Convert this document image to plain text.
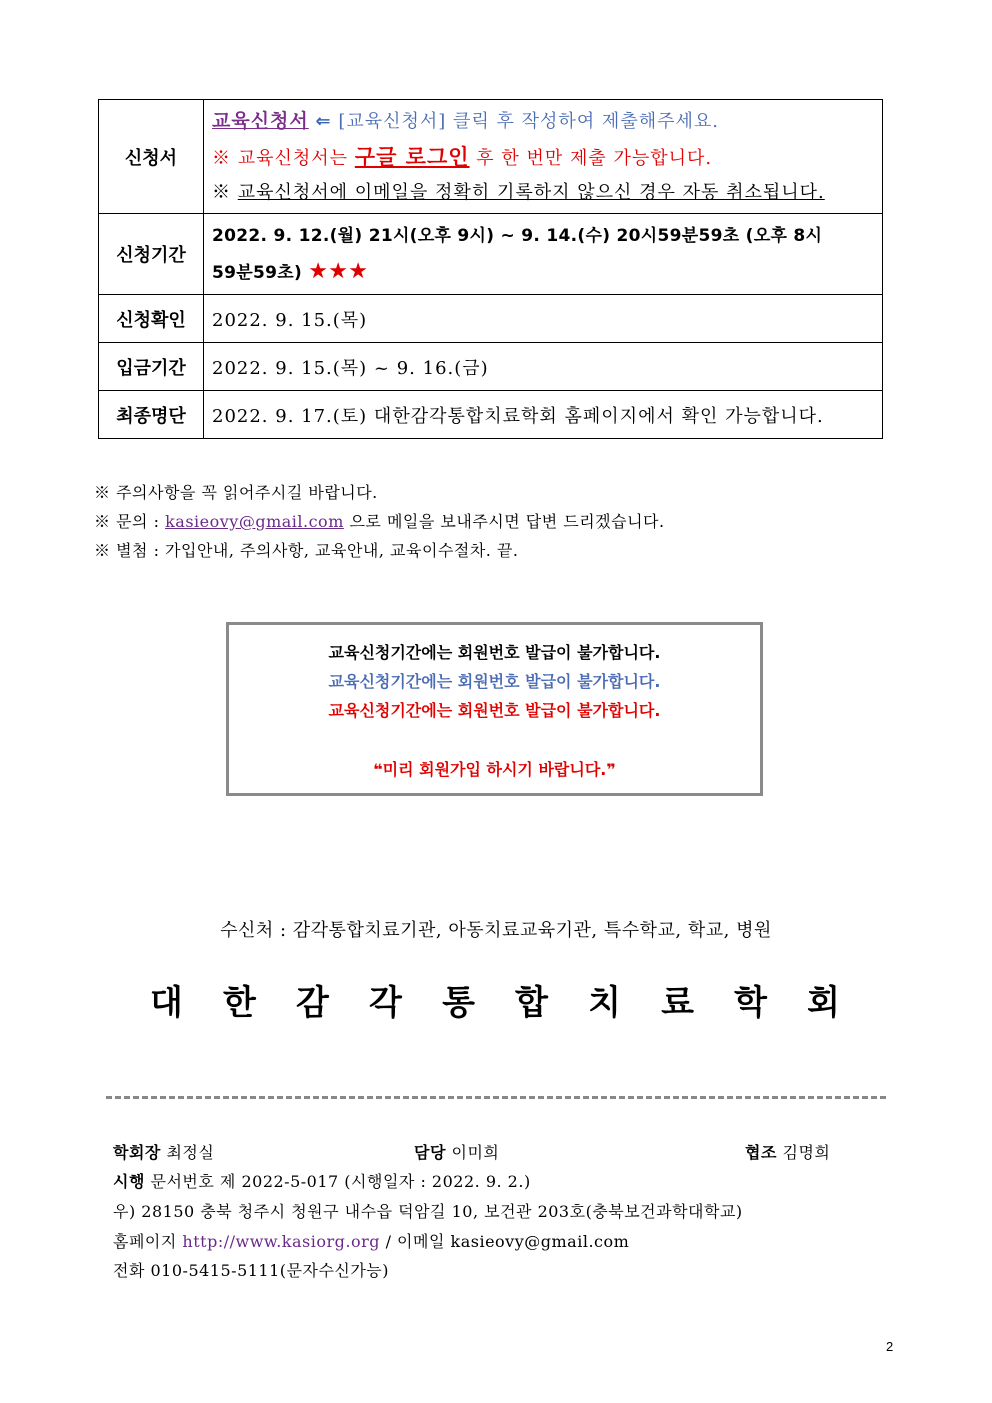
신청서	교육신청서 ⇐ [교육신청서] 클릭 후 작성하여 제출해주세요.
※ 교육신청서는 구글 로그인 후 한 번만 제출 가능합니다.
※ 교육신청서에 이메일을 정확히 기록하지 않으신 경우 자동 취소됩니다.

신청기간	2022. 9. 12.(월) 21시(오후 9시) ~ 9. 14.(수) 20시59분59초 (오후 8시
59분59초) ★★★

신청확인	2022. 9. 15.(목)
입금기간	2022. 9. 15.(목) ~ 9. 16.(금)
최종명단	2022. 9. 17.(토) 대한감각통합치료학회 홈페이지에서 확인 가능합니다.
※ 주의사항을 꼭 읽어주시길 바랍니다.
※ 문의 : kasieovy@gmail.com 으로 메일을 보내주시면 답변 드리겠습니다.
※ 별첨 : 가입안내, 주의사항, 교육안내, 교육이수절차. 끝.
교육신청기간에는 회원번호 발급이 불가합니다.
교육신청기간에는 회원번호 발급이 불가합니다.
교육신청기간에는 회원번호 발급이 불가합니다.
❝미리 회원가입 하시기 바랍니다.❞
수신처 : 감각통합치료기관, 아동치료교육기관, 특수학교, 학교, 병원
대 한 감 각 통 합 치 료 학 회
학회장 최정실	담당 이미희	협조 김명희
시행 문서번호 제 2022-5-017 (시행일자 : 2022. 9. 2.)
우) 28150 충북 청주시 청원구 내수읍 덕암길 10, 보건관 203호(충북보건과학대학교)
홈페이지 http://www.kasiorg.org / 이메일 kasieovy@gmail.com
전화 010-5415-5111(문자수신가능)
2
